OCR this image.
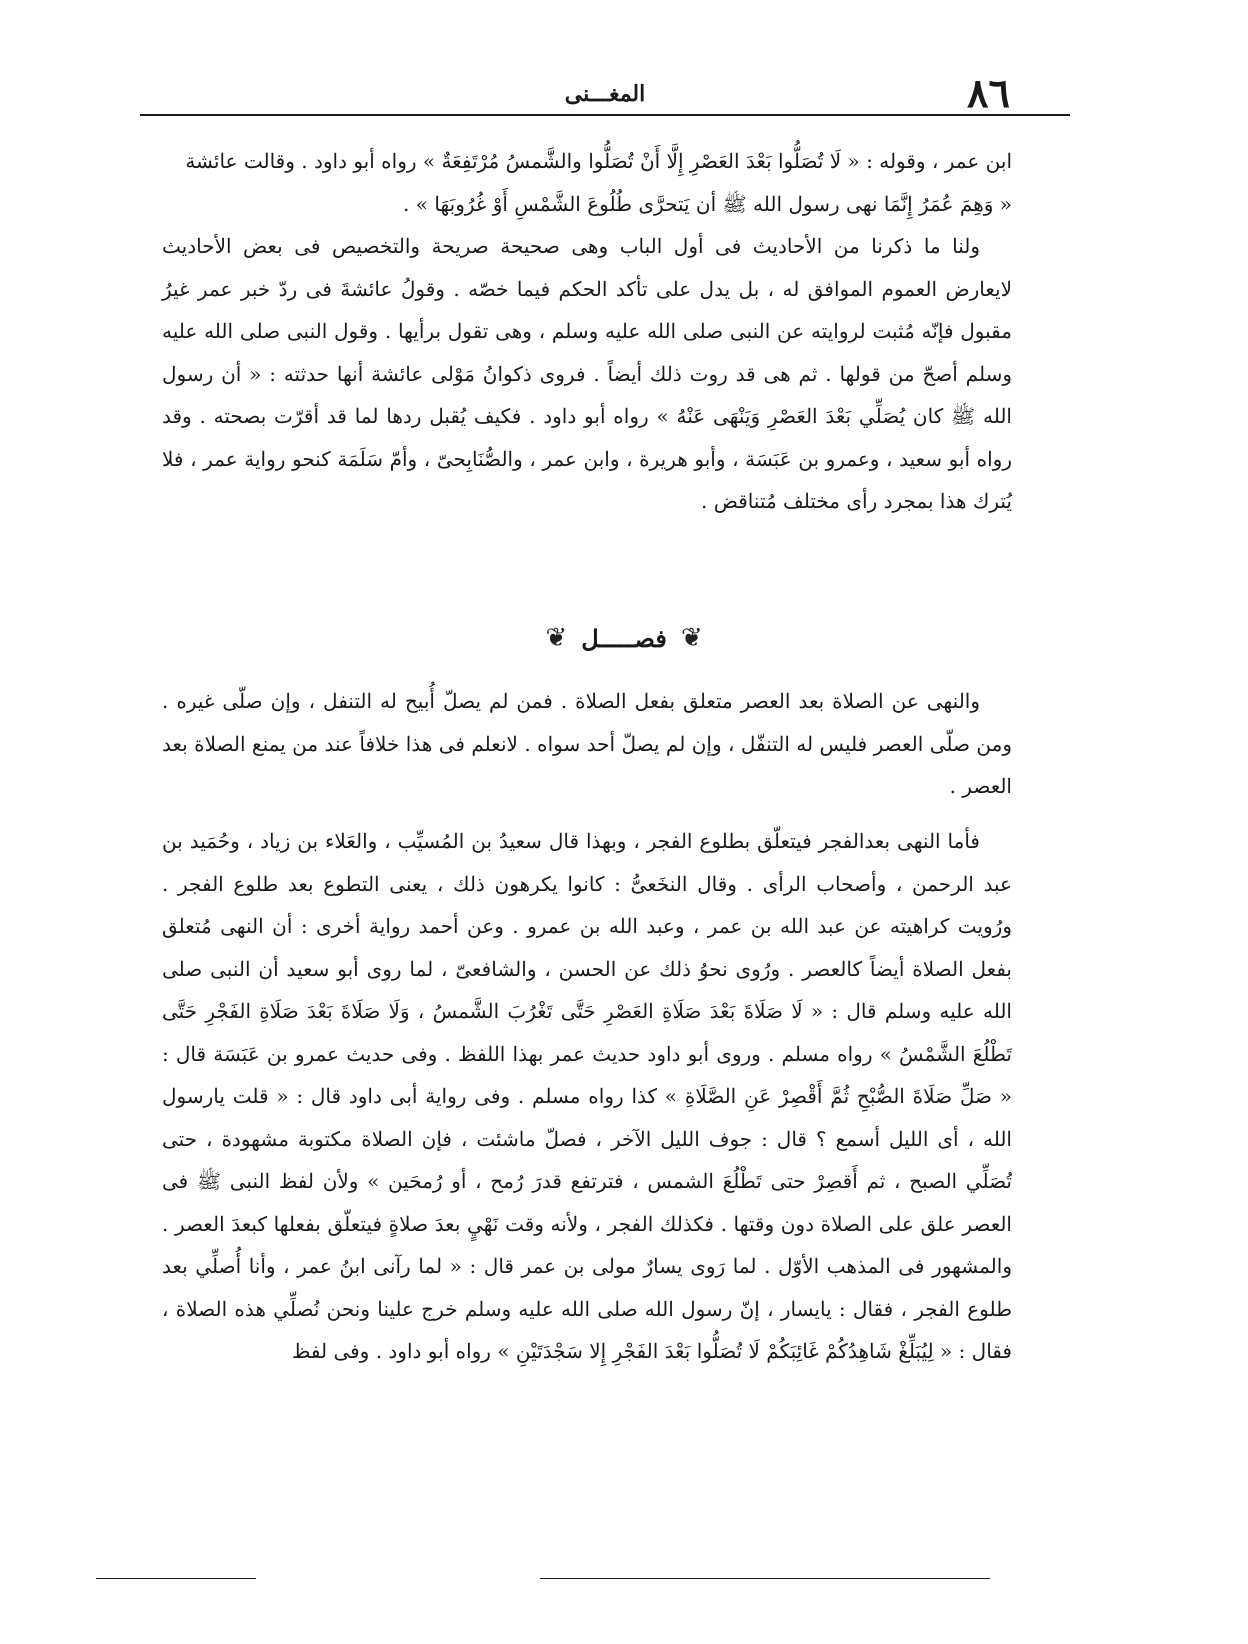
المغـــنى	٨٦

ابن عمر ، وقوله : « لَا تُصَلُّوا بَعْدَ العَصْرِ إِلَّا أَنْ تُصَلُّوا والشَّمسُ مُرْتَفِعَةٌ » رواه أبو داود . وقالت عائشة

« وَهِمَ عُمَرُ إِنَّمَا نهى رسول الله ﷺ أن يَتحرَّى طُلُوعَ الشَّمْسِ أَوْ غُرُوبَهَا » .

ولنا ما ذكرنا من الأحاديث فى أول الباب وهى صحيحة صريحة والتخصيص فى بعض الأحاديث لايعارض العموم الموافق له ، بل يدل على تأكد الحكم فيما خصّه . وقولُ عائشةَ فى ردّ خبر عمر غيرُ مقبول فإنّه مُثبت لروايته عن النبى صلى الله عليه وسلم ، وهى تقول برأيها . وقول النبى صلى الله عليه وسلم أصحّ من قولها . ثم هى قد روت ذلك أيضاً . فروى ذكوانُ مَوْلى عائشة أنها حدثته : « أن رسول الله ﷺ كان يُصَلِّي بَعْدَ العَصْرِ وَيَنْهَى عَنْهُ » رواه أبو داود . فكيف يُقبل ردها لما قد أقرّت بصحته . وقد رواه أبو سعيد ، وعمرو بن عَبَسَة ، وأبو هريرة ، وابن عمر ، والصُّنَابِحىّ ، وأمّ سَلَمَة كنحو رواية عمر ، فلا يُترك هذا بمجرد رأى مختلف مُتناقض .

❦
فصـــــل
❦

والنهى عن الصلاة بعد العصر متعلق بفعل الصلاة . فمن لم يصلّ أُبيح له التنفل ، وإن صلّى غيره . ومن صلّى العصر فليس له التنفّل ، وإن لم يصلّ أحد سواه . لانعلم فى هذا خلافاً عند من يمنع الصلاة بعد العصر .

فأما النهى بعدالفجر فيتعلّق بطلوع الفجر ، وبهذا قال سعيدُ بن المُسيِّب ، والعَلاء بن زياد ، وحُمَيد بن عبد الرحمن ، وأصحاب الرأى . وقال النخَعىُّ : كانوا يكرهون ذلك ، يعنى التطوع بعد طلوع الفجر . ورُويت كراهيته عن عبد الله بن عمر ، وعبد الله بن عمرو . وعن أحمد رواية أخرى : أن النهى مُتعلق بفعل الصلاة أيضاً كالعصر . ورُوى نحوُ ذلك عن الحسن ، والشافعىّ ، لما روى أبو سعيد أن النبى صلى الله عليه وسلم قال : « لَا صَلَاةَ بَعْدَ صَلَاةِ العَصْرِ حَتَّى تَغْرُبَ الشَّمسُ ، وَلَا صَلَاةَ بَعْدَ صَلَاةِ الفَجْرِ حَتَّى تَطْلُعَ الشَّمْسُ » رواه مسلم . وروى أبو داود حديث عمر بهذا اللفظ . وفى حديث عمرو بن عَبَسَة قال : « صَلِّ صَلَاةَ الصُّبْحِ ثُمَّ أَقْصِرْ عَنِ الصَّلَاةِ » كذا رواه مسلم . وفى رواية أبى داود قال : « قلت يارسول الله ، أى الليل أسمع ؟ قال : جوف الليل الآخر ، فصلّ ماشئت ، فإن الصلاة مكتوبة مشهودة ، حتى تُصَلِّي الصبح ، ثم أَقصِرْ حتى تَطْلُعَ الشمس ، فترتفع قدرَ رُمح ، أو رُمحَين » ولأن لفظ النبى ﷺ فى العصر علق على الصلاة دون وقتها . فكذلك الفجر ، ولأنه وقت نَهْيٍ بعدَ صلاةٍ فيتعلّق بفعلها كبعدَ العصر . والمشهور فى المذهب الأوّل . لما رَوى يسارٌ مولى بن عمر قال : « لما رآنى ابنُ عمر ، وأنا أُصلِّي بعد طلوع الفجر ، فقال : يايسار ، إنّ رسول الله صلى الله عليه وسلم خرج علينا ونحن نُصلِّي هذه الصلاة ، فقال : « لِيُبَلِّغْ شَاهِدُكُمْ غَائِبَكُمْ لَا تُصَلُّوا بَعْدَ الفَجْرِ إِلا سَجْدَتَيْنِ » رواه أبو داود . وفى لفظ
